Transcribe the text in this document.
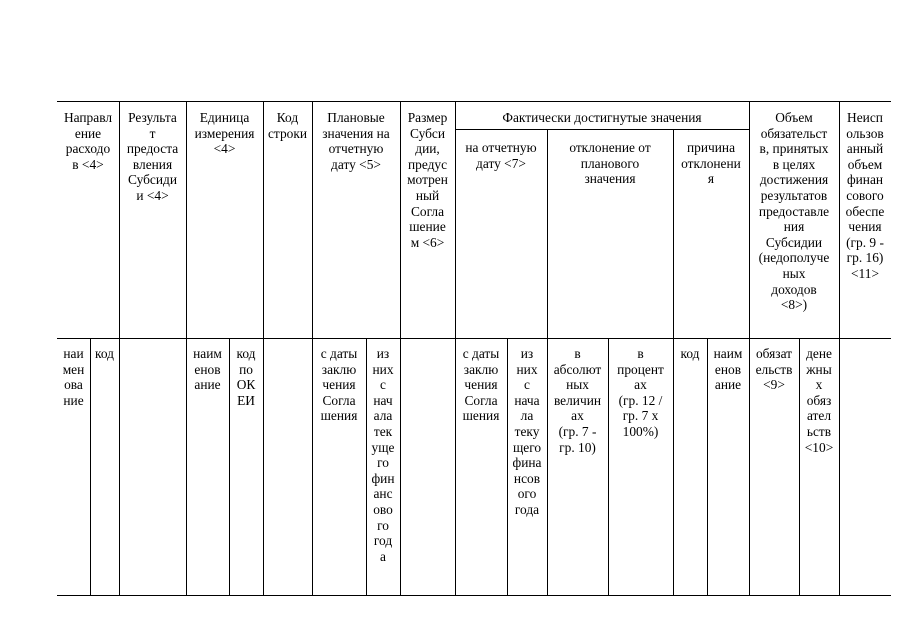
Направл
ение
расходо
в <4>
Результа
т
предоста
вления
Субсиди
и <4>
Единица
измерения
<4>
Код
строки
Плановые
значения на
отчетную
дату <5>
Размер
Субси
дии,
предус
мотрен
ный
Согла
шение
м <6>
Фактически достигнутые значения
на отчетную
дату <7>
отклонение от
планового
значения
причина
отклонени
я
Объем
обязательст
в, принятых
в целях
достижения
результатов
предоставле
ния
Субсидии
(недополуче
ных
доходов
<8>)
Неисп
ользов
анный
объем
финан
сового
обеспе
чения
(гр. 9 -
гр. 16)
<11>
наи
мен
ова
ние
код	наим
енов
ание
код
по
ОК
ЕИ
с даты
заклю
чения
Согла
шения
из
них
с
нач
ала
тек
уще
го
фин
анс
ово
го
год
а
с даты
заклю
чения
Согла
шения
из
них
с
нача
ла
теку
щего
фина
нсов
ого
года
в
абсолют
ных
величин
ах
(гр. 7 -
гр. 10)
в
процент
ах
(гр. 12 /
гр. 7 x
100%)
код	наим
енов
ание
обязат
ельств
<9>
дене
жны
х
обяз
ател
ьств
<10>
